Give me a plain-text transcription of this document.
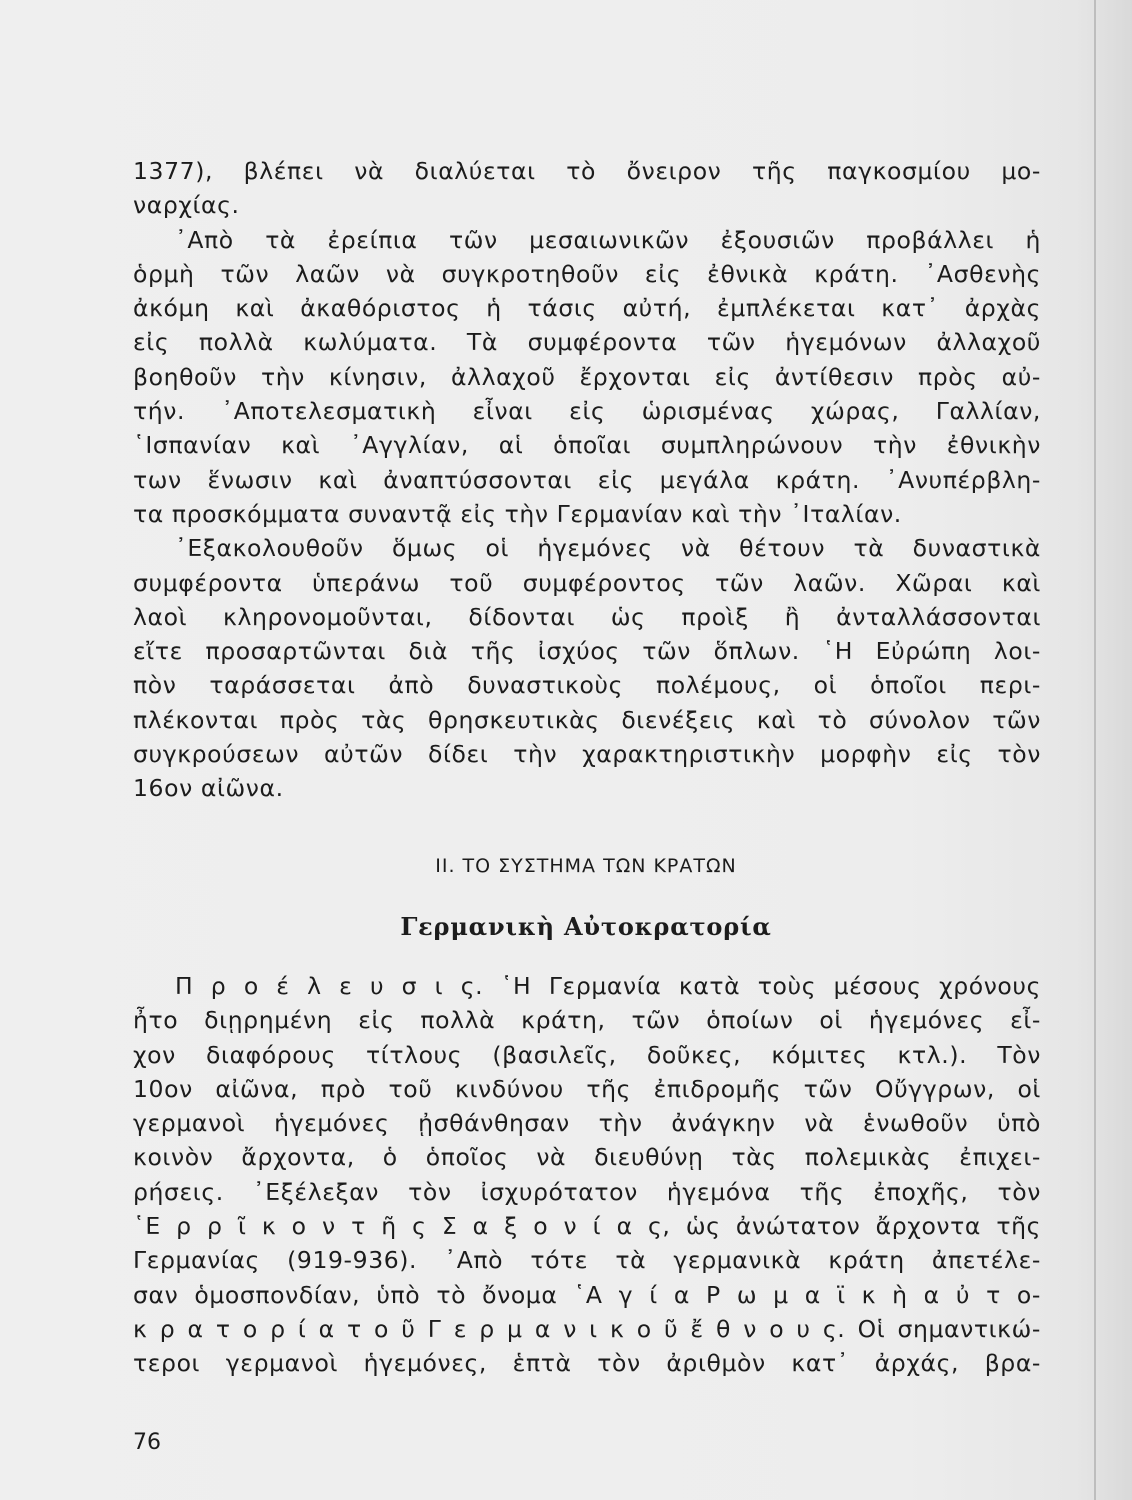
1377), βλέπει νὰ διαλύεται τὸ ὄνειρον τῆς παγκοσμίου μο-
ναρχίας.
᾿Απὸ τὰ ἐρείπια τῶν μεσαιωνικῶν ἐξουσιῶν προβάλλει ἡ
ὁρμὴ τῶν λαῶν νὰ συγκροτηθοῦν εἰς ἐθνικὰ κράτη. ᾿Ασθενὴς
ἀκόμη καὶ ἀκαθόριστος ἡ τάσις αὐτή, ἐμπλέκεται κατ᾿ ἀρχὰς
εἰς πολλὰ κωλύματα. Τὰ συμφέροντα τῶν ἡγεμόνων ἀλλαχοῦ
βοηθοῦν τὴν κίνησιν, ἀλλαχοῦ ἔρχονται εἰς ἀντίθεσιν πρὸς αὐ-
τήν. ᾿Αποτελεσματικὴ εἶναι εἰς ὡρισμένας χώρας, Γαλλίαν,
῾Ισπανίαν καὶ ᾿Αγγλίαν, αἱ ὁποῖαι συμπληρώνουν τὴν ἐθνικὴν
των ἕνωσιν καὶ ἀναπτύσσονται εἰς μεγάλα κράτη. ᾿Ανυπέρβλη-
τα προσκόμματα συναντᾷ εἰς τὴν Γερμανίαν καὶ τὴν ᾿Ιταλίαν.
᾿Εξακολουθοῦν ὅμως οἱ ἡγεμόνες νὰ θέτουν τὰ δυναστικὰ
συμφέροντα ὑπεράνω τοῦ συμφέροντος τῶν λαῶν. Χῶραι καὶ
λαοὶ κληρονομοῦνται, δίδονται ὡς προὶξ ἢ ἀνταλλάσσονται
εἴτε προσαρτῶνται διὰ τῆς ἰσχύος τῶν ὅπλων. ῾Η Εὐρώπη λοι-
πὸν ταράσσεται ἀπὸ δυναστικοὺς πολέμους, οἱ ὁποῖοι περι-
πλέκονται πρὸς τὰς θρησκευτικὰς διενέξεις καὶ τὸ σύνολον τῶν
συγκρούσεων αὐτῶν δίδει τὴν χαρακτηριστικὴν μορφὴν εἰς τὸν
16ον αἰῶνα.
II. ΤΟ ΣΥΣΤΗΜΑ ΤΩΝ ΚΡΑΤΩΝ
Γερμανικὴ Αὐτοκρατορία
Π ρ ο έ λ ε υ σ ι ς. ῾Η Γερμανία κατὰ τοὺς μέσους χρόνους
ἦτο διῃρημένη εἰς πολλὰ κράτη, τῶν ὁποίων οἱ ἡγεμόνες εἶ-
χον διαφόρους τίτλους (βασιλεῖς, δοῦκες, κόμιτες κτλ.). Τὸν
10ον αἰῶνα, πρὸ τοῦ κινδύνου τῆς ἐπιδρομῆς τῶν Οὔγγρων, οἱ
γερμανοὶ ἡγεμόνες ᾐσθάνθησαν τὴν ἀνάγκην νὰ ἑνωθοῦν ὑπὸ
κοινὸν ἄρχοντα, ὁ ὁποῖος νὰ διευθύνῃ τὰς πολεμικὰς ἐπιχει-
ρήσεις. ᾿Εξέλεξαν τὸν ἰσχυρότατον ἡγεμόνα τῆς ἐποχῆς, τὸν
῾Ε ρ ρ ῖ κ ο ν τ ῆ ς Σ α ξ ο ν ί α ς, ὡς ἀνώτατον ἄρχοντα τῆς
Γερμανίας (919-936). ᾿Απὸ τότε τὰ γερμανικὰ κράτη ἀπετέλε-
σαν ὁμοσπονδίαν, ὑπὸ τὸ ὄνομα ῾Α γ ί α Ρ ω μ α ϊ κ ὴ α ὐ τ ο-
κ ρ α τ ο ρ ί α τ ο ῦ Γ ε ρ μ α ν ι κ ο ῦ ἔ θ ν ο υ ς. Οἱ σημαντικώ-
τεροι γερμανοὶ ἡγεμόνες, ἑπτὰ τὸν ἀριθμὸν κατ᾿ ἀρχάς, βρα-
76
